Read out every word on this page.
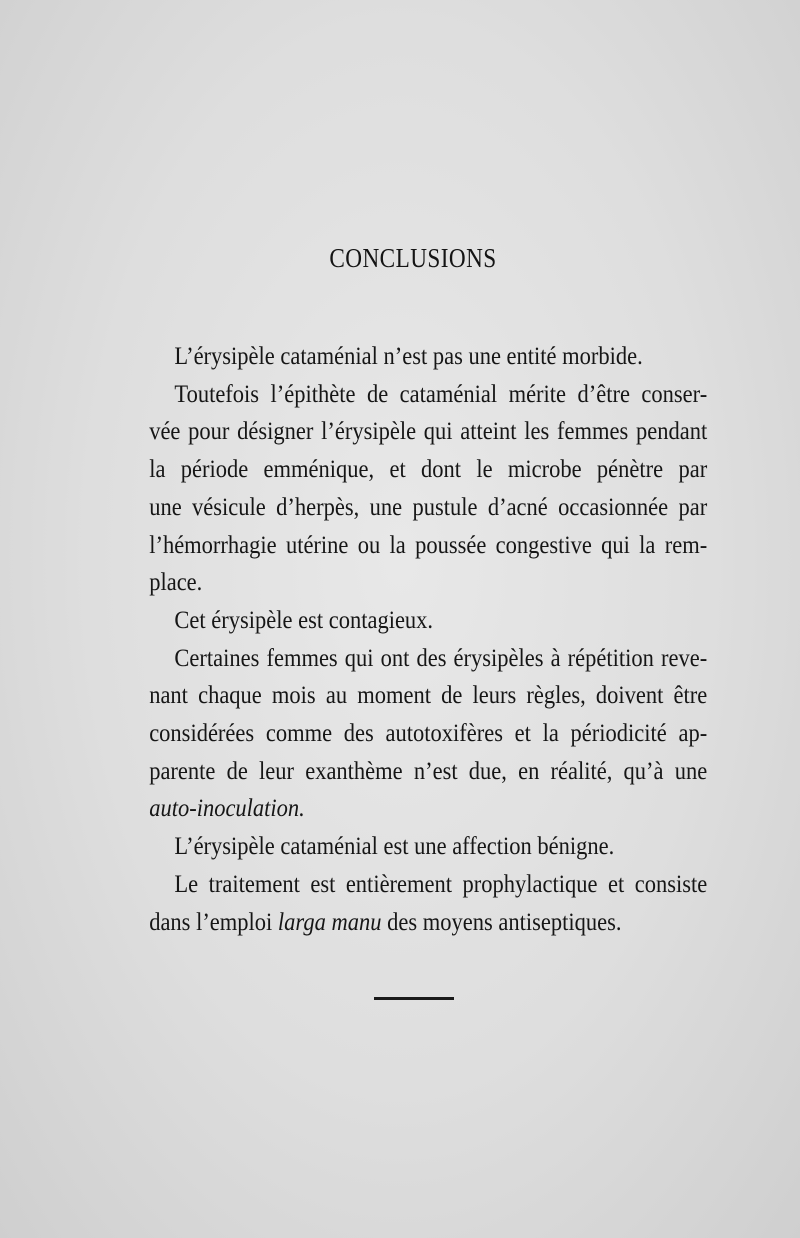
CONCLUSIONS
L’érysipèle cataménial n’est pas une entité morbide.
Toutefois l’épithète de cataménial mérite d’être conser-
vée pour désigner l’érysipèle qui atteint les femmes pendant
la période emménique, et dont le microbe pénètre par
une vésicule d’herpès, une pustule d’acné occasionnée par
l’hémorrhagie utérine ou la poussée congestive qui la rem-
place.
Cet érysipèle est contagieux.
Certaines femmes qui ont des érysipèles à répétition reve-
nant chaque mois au moment de leurs règles, doivent être
considérées comme des autotoxifères et la périodicité ap-
parente de leur exanthème n’est due, en réalité, qu’à une
auto-inoculation.
L’érysipèle cataménial est une affection bénigne.
Le traitement est entièrement prophylactique et consiste
dans l’emploi larga manu des moyens antiseptiques.
